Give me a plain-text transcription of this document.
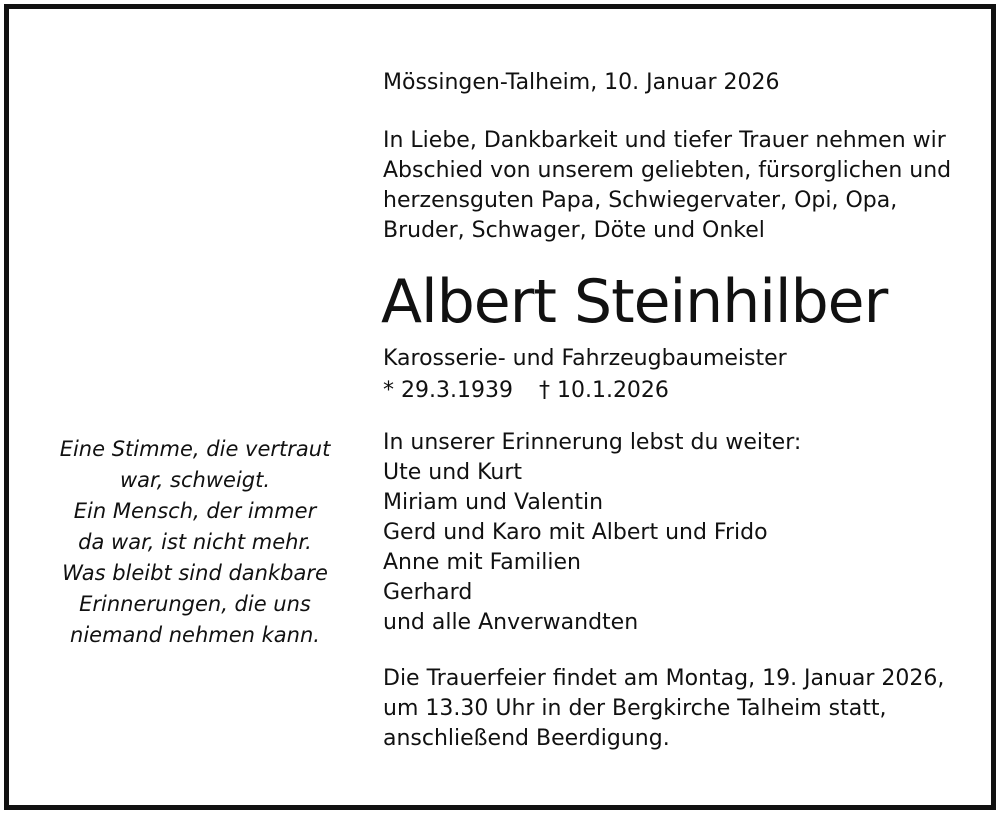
Mössingen-Talheim, 10. Januar 2026
In Liebe, Dankbarkeit und tiefer Trauer nehmen wir
Abschied von unserem geliebten, fürsorglichen und
herzensguten Papa, Schwiegervater, Opi, Opa,
Bruder, Schwager, Döte und Onkel
Albert Steinhilber
Karosserie- und Fahrzeugbaumeister
* 29.3.1939 † 10.1.2026
In unserer Erinnerung lebst du weiter:
Ute und Kurt
Miriam und Valentin
Gerd und Karo mit Albert und Frido
Anne mit Familien
Gerhard
und alle Anverwandten
Die Trauerfeier findet am Montag, 19. Januar 2026,
um 13.30 Uhr in der Bergkirche Talheim statt,
anschließend Beerdigung.
Eine Stimme, die vertraut
war, schweigt.
Ein Mensch, der immer
da war, ist nicht mehr.
Was bleibt sind dankbare
Erinnerungen, die uns
niemand nehmen kann.
